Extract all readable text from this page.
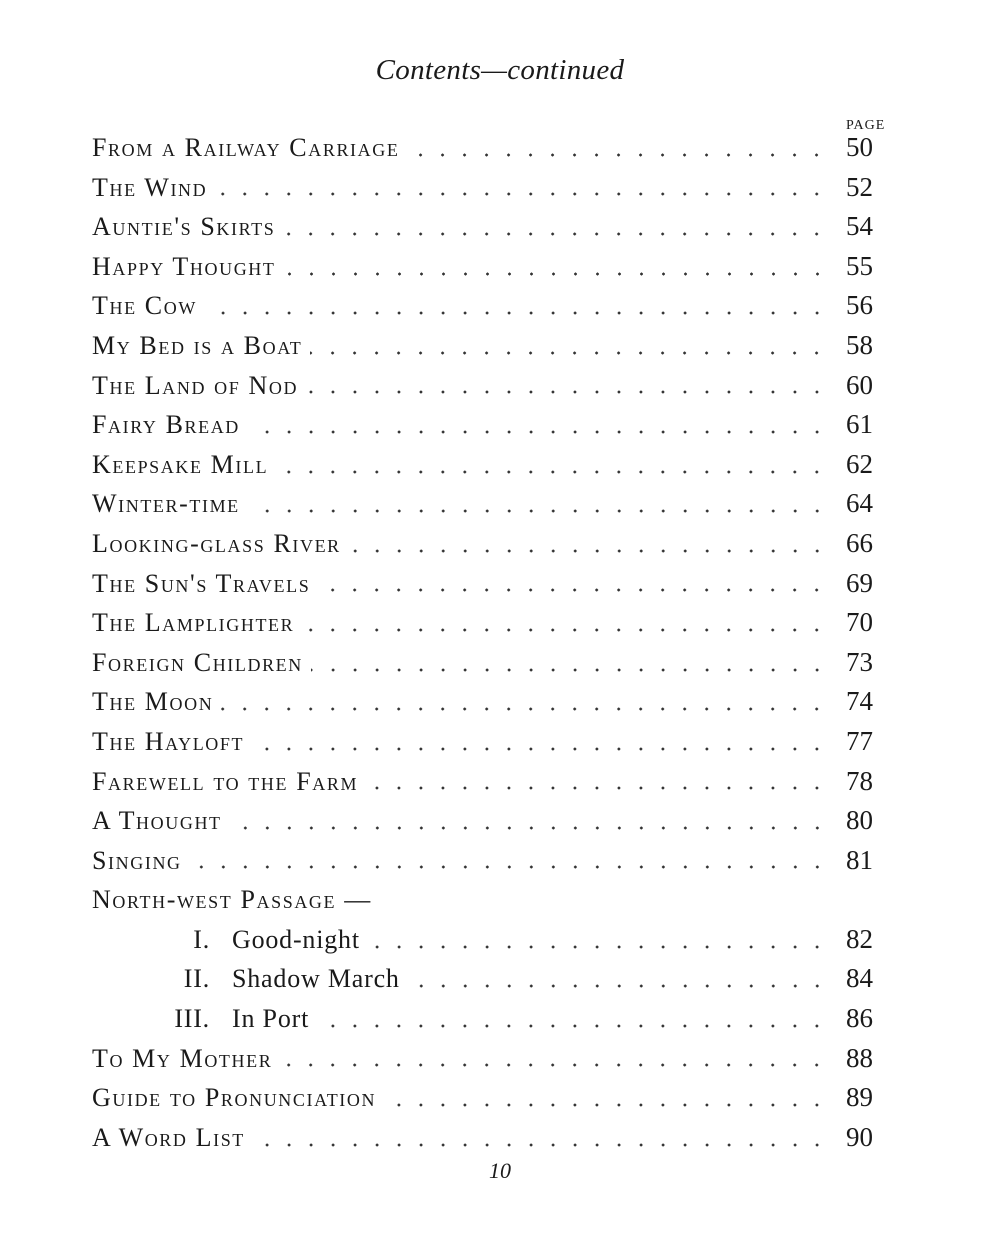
Contents—continued
PAGE
From a Railway Carriage	50
The Wind	52
Auntie's Skirts	54
Happy Thought	55
The Cow	56
My Bed is a Boat	58
The Land of Nod	60
Fairy Bread	61
Keepsake Mill	62
Winter-time	64
Looking-glass River	66
The Sun's Travels	69
The Lamplighter	70
Foreign Children	73
The Moon	74
The Hayloft	77
Farewell to the Farm	78
A Thought	80
Singing	81
North-west Passage —
I. Good-night	82
II. Shadow March	84
III. In Port	86
To My Mother	88
Guide to Pronunciation	89
A Word List	90
10
